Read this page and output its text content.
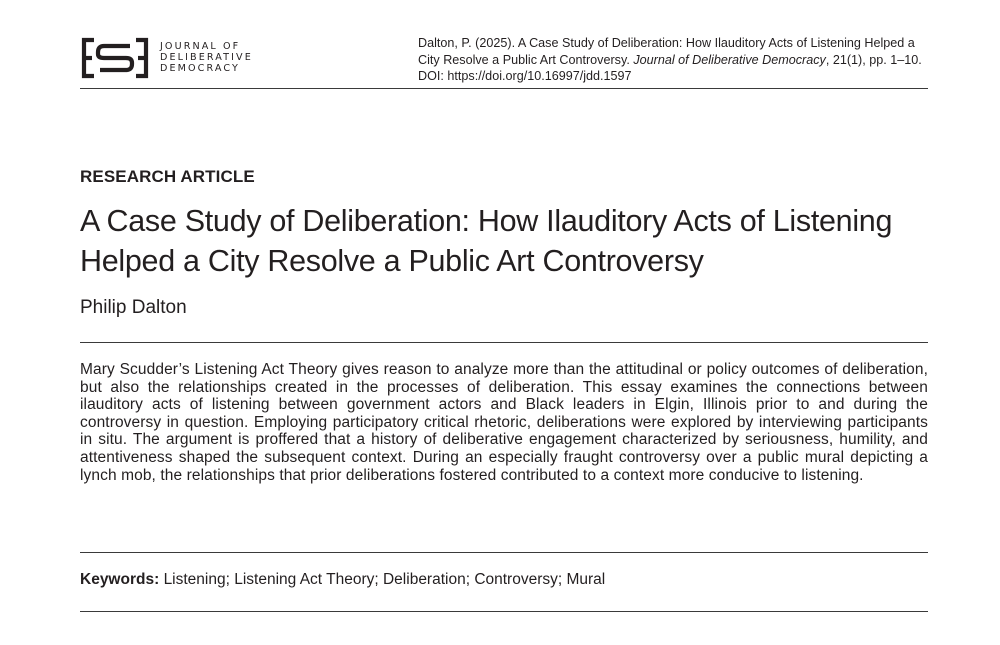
JOURNAL OF
DELIBERATIVE
DEMOCRACY
Dalton, P. (2025). A Case Study of Deliberation: How Ilauditory Acts of Listening Helped a City Resolve a Public Art Controversy. Journal of Deliberative Democracy, 21(1), pp. 1–10. DOI: https://doi.org/10.16997/jdd.1597
RESEARCH ARTICLE
A Case Study of Deliberation: How Ilauditory Acts of Listening Helped a City Resolve a Public Art Controversy
Philip Dalton
Mary Scudder’s Listening Act Theory gives reason to analyze more than the attitudinal or policy outcomes of deliberation, but also the relationships created in the processes of deliberation. This essay examines the connections between ilauditory acts of listening between government actors and Black leaders in Elgin, Illinois prior to and during the controversy in question. Employing participatory critical rhetoric, deliberations were explored by interviewing participants in situ. The argument is proffered that a history of deliberative engagement characterized by seriousness, humility, and attentiveness shaped the subsequent context. During an especially fraught controversy over a public mural depicting a lynch mob, the relationships that prior deliberations fostered contributed to a context more conducive to listening.
Keywords: Listening; Listening Act Theory; Deliberation; Controversy; Mural
